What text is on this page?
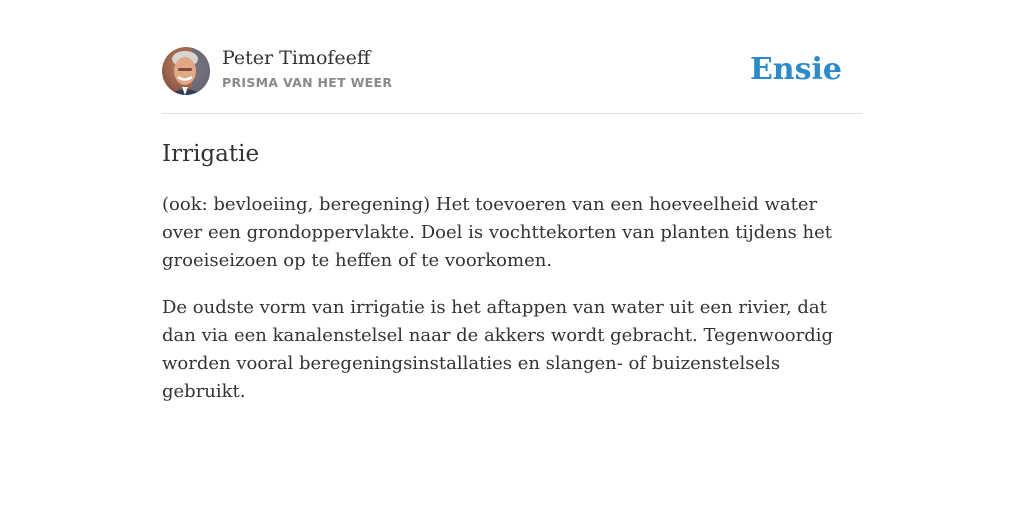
Peter Timofeeff
PRISMA VAN HET WEER	Ensie
Irrigatie

(ook: bevloeiing, beregening) Het toevoeren van een hoeveelheid water over een grondoppervlakte. Doel is vochttekorten van planten tijdens het groeiseizoen op te heffen of te voorkomen.

De oudste vorm van irrigatie is het aftappen van water uit een rivier, dat dan via een kanalenstelsel naar de akkers wordt gebracht. Tegenwoordig worden vooral beregeningsinstallaties en slangen- of buizenstelsels gebruikt.
